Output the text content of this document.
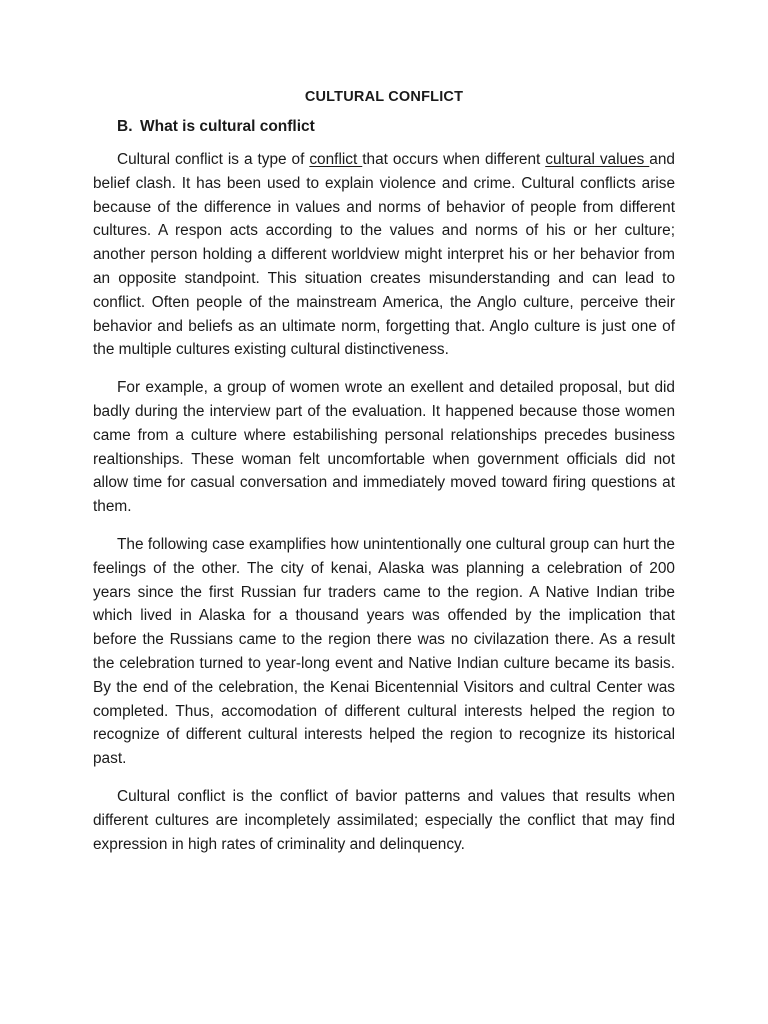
CULTURAL CONFLICT
B. What is cultural conflict

Cultural conflict is a type of conflict that occurs when different cultural values and belief clash. It has been used to explain violence and crime. Cultural conflicts arise because of the difference in values and norms of behavior of people from different cultures. A respon acts according to the values and norms of his or her culture; another person holding a different worldview might interpret his or her behavior from an opposite standpoint. This situation creates misunderstanding and can lead to conflict. Often people of the mainstream America, the Anglo culture, perceive their behavior and beliefs as an ultimate norm, forgetting that. Anglo culture is just one of the multiple cultures existing cultural distinctiveness.

For example, a group of women wrote an exellent and detailed proposal, but did badly during the interview part of the evaluation. It happened because those women came from a culture where estabilishing personal relationships precedes business realtionships. These woman felt uncomfortable when government officials did not allow time for casual conversation and immediately moved toward firing questions at them.

The following case examplifies how unintentionally one cultural group can hurt the feelings of the other. The city of kenai, Alaska was planning a celebration of 200 years since the first Russian fur traders came to the region. A Native Indian tribe which lived in Alaska for a thousand years was offended by the implication that before the Russians came to the region there was no civilazation there. As a result the celebration turned to year-long event and Native Indian culture became its basis. By the end of the celebration, the Kenai Bicentennial Visitors and cultral Center was completed. Thus, accomodation of different cultural interests helped the region to recognize of different cultural interests helped the region to recognize its historical past.

Cultural conflict is the conflict of bavior patterns and values that results when different cultures are incompletely assimilated; especially the conflict that may find expression in high rates of criminality and delinquency.
